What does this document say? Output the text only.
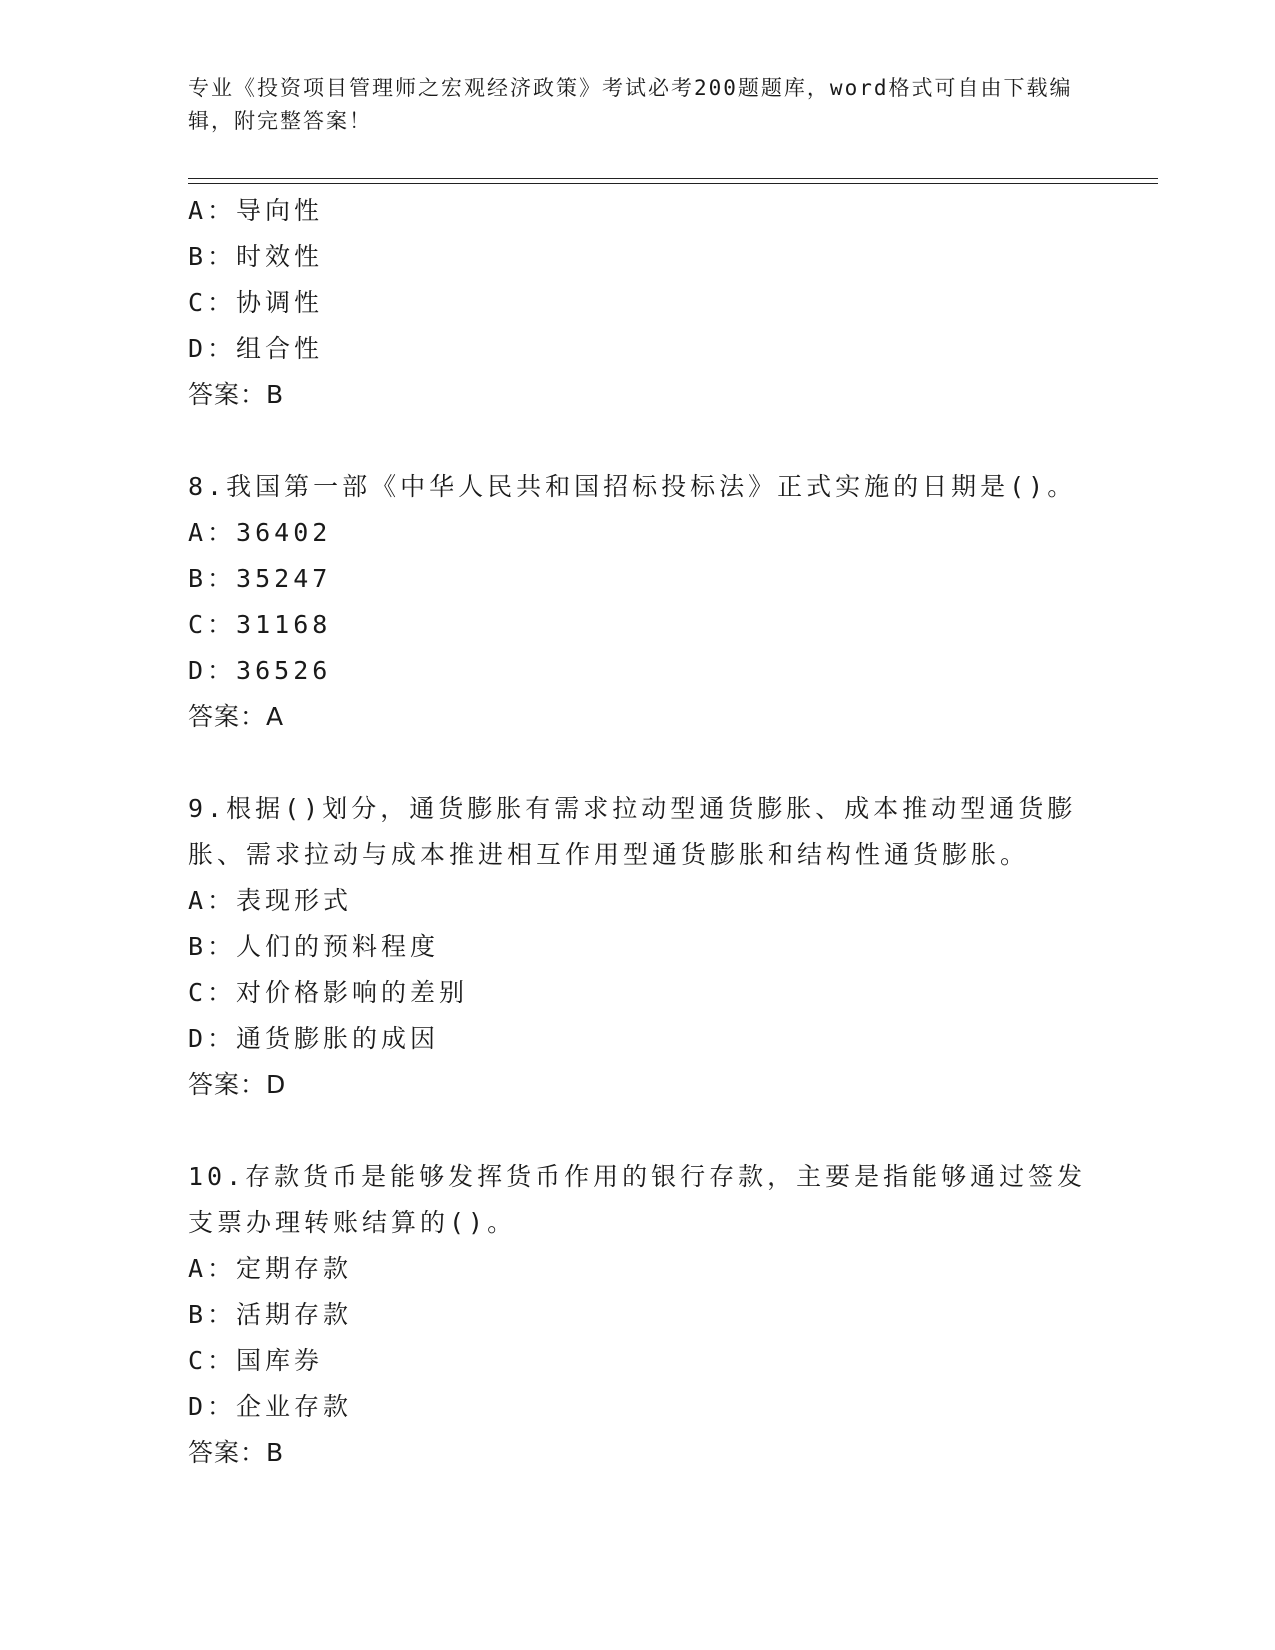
专业《投资项目管理师之宏观经济政策》考试必考200题题库，word格式可自由下载编辑，附完整答案！
A：导向性
B：时效性
C：协调性
D：组合性
答案：B
8.我国第一部《中华人民共和国招标投标法》正式实施的日期是()。
A：36402
B：35247
C：31168
D：36526
答案：A
9.根据()划分，通货膨胀有需求拉动型通货膨胀、成本推动型通货膨胀、需求拉动与成本推进相互作用型通货膨胀和结构性通货膨胀。
A：表现形式
B：人们的预料程度
C：对价格影响的差别
D：通货膨胀的成因
答案：D
10.存款货币是能够发挥货币作用的银行存款，主要是指能够通过签发支票办理转账结算的()。
A：定期存款
B：活期存款
C：国库券
D：企业存款
答案：B
